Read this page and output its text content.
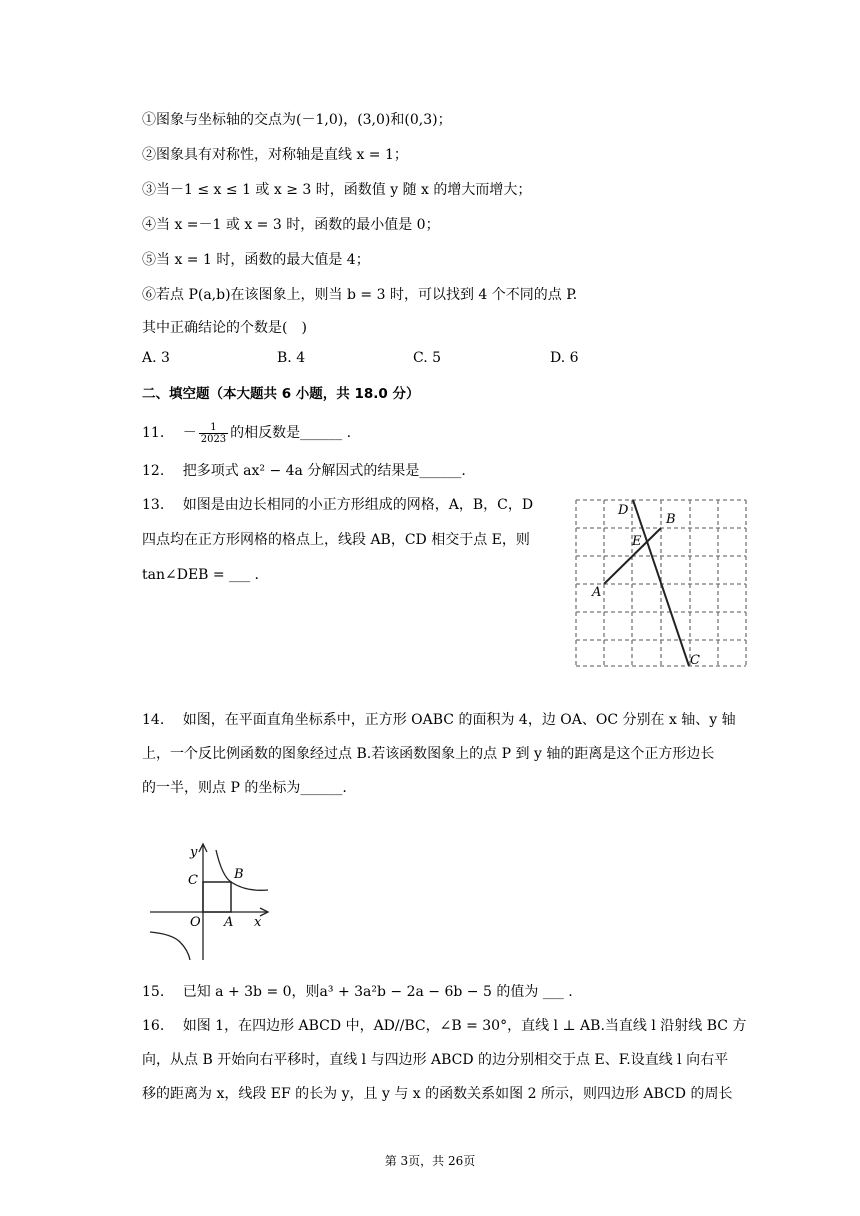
①图象与坐标轴的交点为(－1,0)，(3,0)和(0,3)；
②图象具有对称性，对称轴是直线 x = 1；
③当－1 ≤ x ≤ 1 或 x ≥ 3 时，函数值 y 随 x 的增大而增大；
④当 x =－1 或 x = 3 时，函数的最小值是 0；
⑤当 x = 1 时，函数的最大值是 4；
⑥若点 P(a,b)在该图象上，则当 b = 3 时，可以找到 4 个不同的点 P.
其中正确结论的个数是(　)
A. 3	B. 4	C. 5	D. 6
二、填空题（本大题共 6 小题，共 18.0 分）
11. － $\frac{1}{2023}$ 的相反数是______ .
12. 把多项式 ax² − 4a 分解因式的结果是______.
13. 如图是由边长相同的小正方形组成的网格，A，B，C，D
四点均在正方形网格的格点上，线段 AB，CD 相交于点 E，则
tan∠DEB = ___ .
D
B
E
A
C
14. 如图，在平面直角坐标系中，正方形 OABC 的面积为 4，边 OA、OC 分别在 x 轴、y 轴
上，一个反比例函数的图象经过点 B.若该函数图象上的点 P 到 y 轴的距离是这个正方形边长
的一半，则点 P 的坐标为______.
y
x
O A
B
C
15. 已知 a + 3b = 0，则a³ + 3a²b − 2a − 6b − 5 的值为 ___ .
16. 如图 1，在四边形 ABCD 中，AD//BC，∠B = 30°，直线 l ⊥ AB.当直线 l 沿射线 BC 方
向，从点 B 开始向右平移时，直线 l 与四边形 ABCD 的边分别相交于点 E、F.设直线 l 向右平
移的距离为 x，线段 EF 的长为 y，且 y 与 x 的函数关系如图 2 所示，则四边形 ABCD 的周长
第 3页，共 26页
